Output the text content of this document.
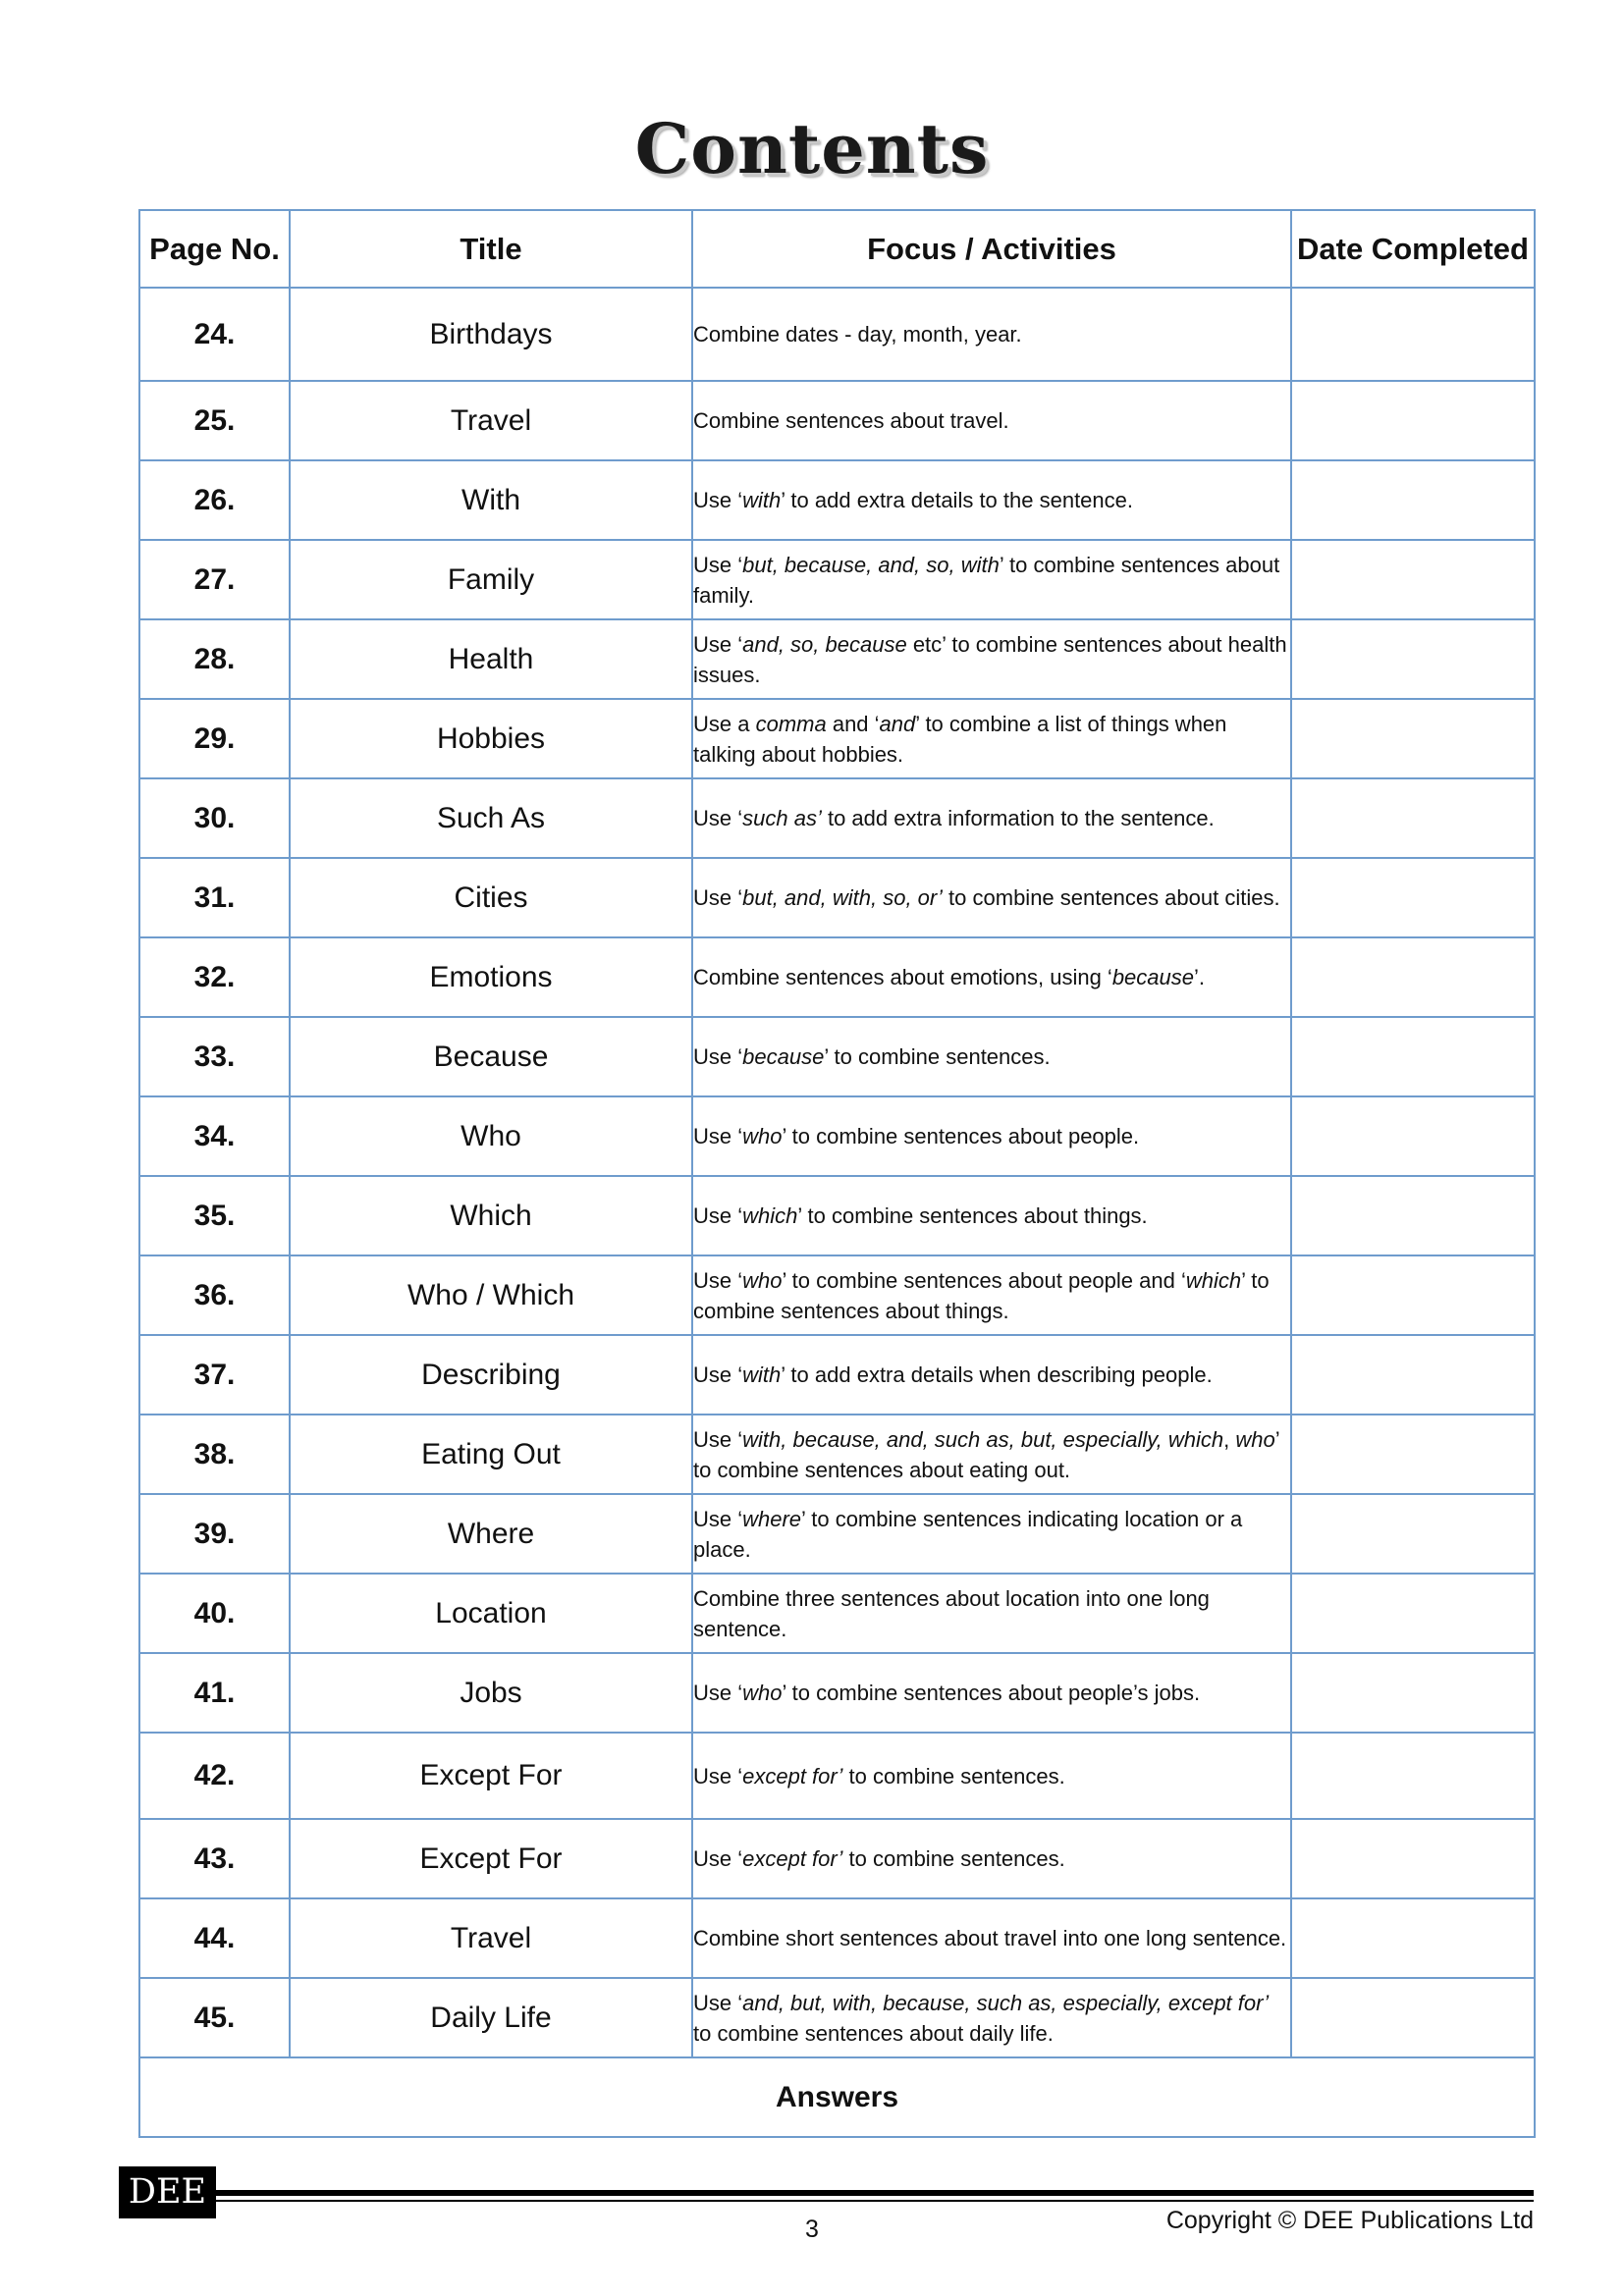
Contents
Page No.	Title	Focus / Activities	Date Completed
24.	Birthdays	Combine dates - day, month, year.	
25.	Travel	Combine sentences about travel.	
26.	With	Use ‘with’ to add extra details to the sentence.	
27.	Family	Use ‘but, because, and, so, with’ to combine sentences about family.	
28.	Health	Use ‘and, so, because etc’ to combine sentences about health issues.	
29.	Hobbies	Use a comma and ‘and’ to combine a list of things when talking about hobbies.	
30.	Such As	Use ‘such as’ to add extra information to the sentence.	
31.	Cities	Use ‘but, and, with, so, or’ to combine sentences about cities.	
32.	Emotions	Combine sentences about emotions, using ‘because’.	
33.	Because	Use ‘because’ to combine sentences.	
34.	Who	Use ‘who’ to combine sentences about people.	
35.	Which	Use ‘which’ to combine sentences about things.	
36.	Who / Which	Use ‘who’ to combine sentences about people and ‘which’ to combine sentences about things.	
37.	Describing	Use ‘with’ to add extra details when describing people.	
38.	Eating Out	Use ‘with, because, and, such as, but, especially, which, who’ to combine sentences about eating out.	
39.	Where	Use ‘where’ to combine sentences indicating location or a place.	
40.	Location	Combine three sentences about location into one long sentence.	
41.	Jobs	Use ‘who’ to combine sentences about people’s jobs.	
42.	Except For	Use ‘except for’ to combine sentences.	
43.	Except For	Use ‘except for’ to combine sentences.	
44.	Travel	Combine short sentences about travel into one long sentence.	
45.	Daily Life	Use ‘and, but, with, because, such as, especially, except for’ to combine sentences about daily life.	
Answers			
DEE
Copyright © DEE Publications Ltd
3
